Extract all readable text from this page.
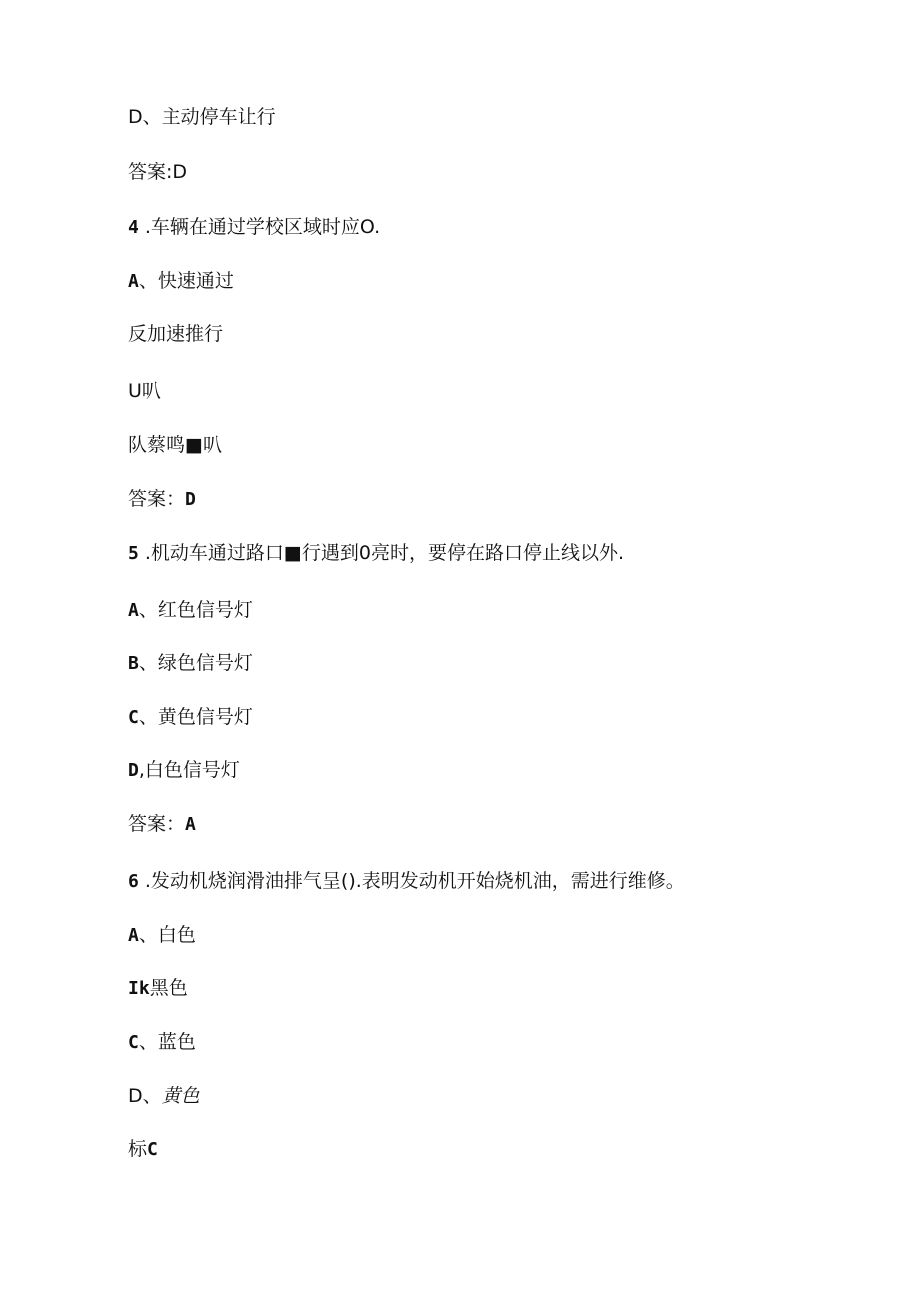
D、主动停车让行
答案:D
4 .车辆在通过学校区域时应O.
A、快速通过
反加速推行
U叭
队蔡鸣■叭
答案：D
5 .机动车通过路口■行遇到0亮时，要停在路口停止线以外.
A、红色信号灯
B、绿色信号灯
C、黄色信号灯
D,白色信号灯
答案：A
6 .发动机烧润滑油排气呈().表明发动机开始烧机油，需进行维修。
A、白色
Ik黑色
C、蓝色
D、黄色
标C
